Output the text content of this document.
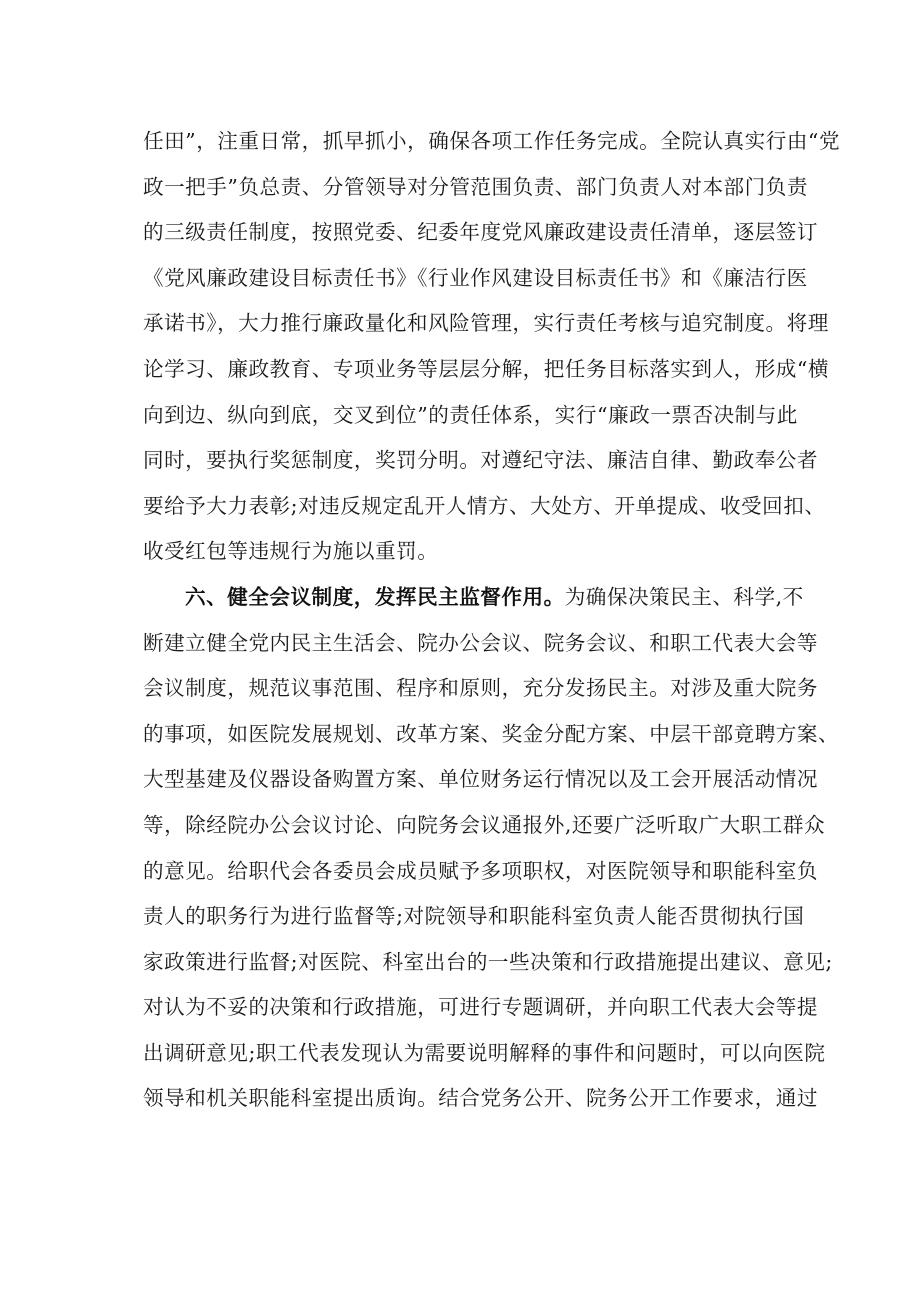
任田”，注重日常，抓早抓小，确保各项工作任务完成。全院认真实行由“党
政一把手”负总责、分管领导对分管范围负责、部门负责人对本部门负责
的三级责任制度，按照党委、纪委年度党风廉政建设责任清单，逐层签订
《党风廉政建设目标责任书》《行业作风建设目标责任书》和《廉洁行医
承诺书》，大力推行廉政量化和风险管理，实行责任考核与追究制度。将理
论学习、廉政教育、专项业务等层层分解，把任务目标落实到人，形成“横
向到边、纵向到底，交叉到位”的责任体系，实行“廉政一票否决制与此
同时，要执行奖惩制度，奖罚分明。对遵纪守法、廉洁自律、勤政奉公者
要给予大力表彰;对违反规定乱开人情方、大处方、开单提成、收受回扣、
收受红包等违规行为施以重罚。
六、健全会议制度，发挥民主监督作用。为确保决策民主、科学,不
断建立健全党内民主生活会、院办公会议、院务会议、和职工代表大会等
会议制度，规范议事范围、程序和原则，充分发扬民主。对涉及重大院务
的事项，如医院发展规划、改革方案、奖金分配方案、中层干部竟聘方案、
大型基建及仪器设备购置方案、单位财务运行情况以及工会开展活动情况
等，除经院办公会议讨论、向院务会议通报外,还要广泛听取广大职工群众
的意见。给职代会各委员会成员赋予多项职权，对医院领导和职能科室负
责人的职务行为进行监督等;对院领导和职能科室负责人能否贯彻执行国
家政策进行监督;对医院、科室出台的一些决策和行政措施提出建议、意见;
对认为不妥的决策和行政措施，可进行专题调研，并向职工代表大会等提
出调研意见;职工代表发现认为需要说明解释的事件和问题时，可以向医院
领导和机关职能科室提出质询。结合党务公开、院务公开工作要求，通过
